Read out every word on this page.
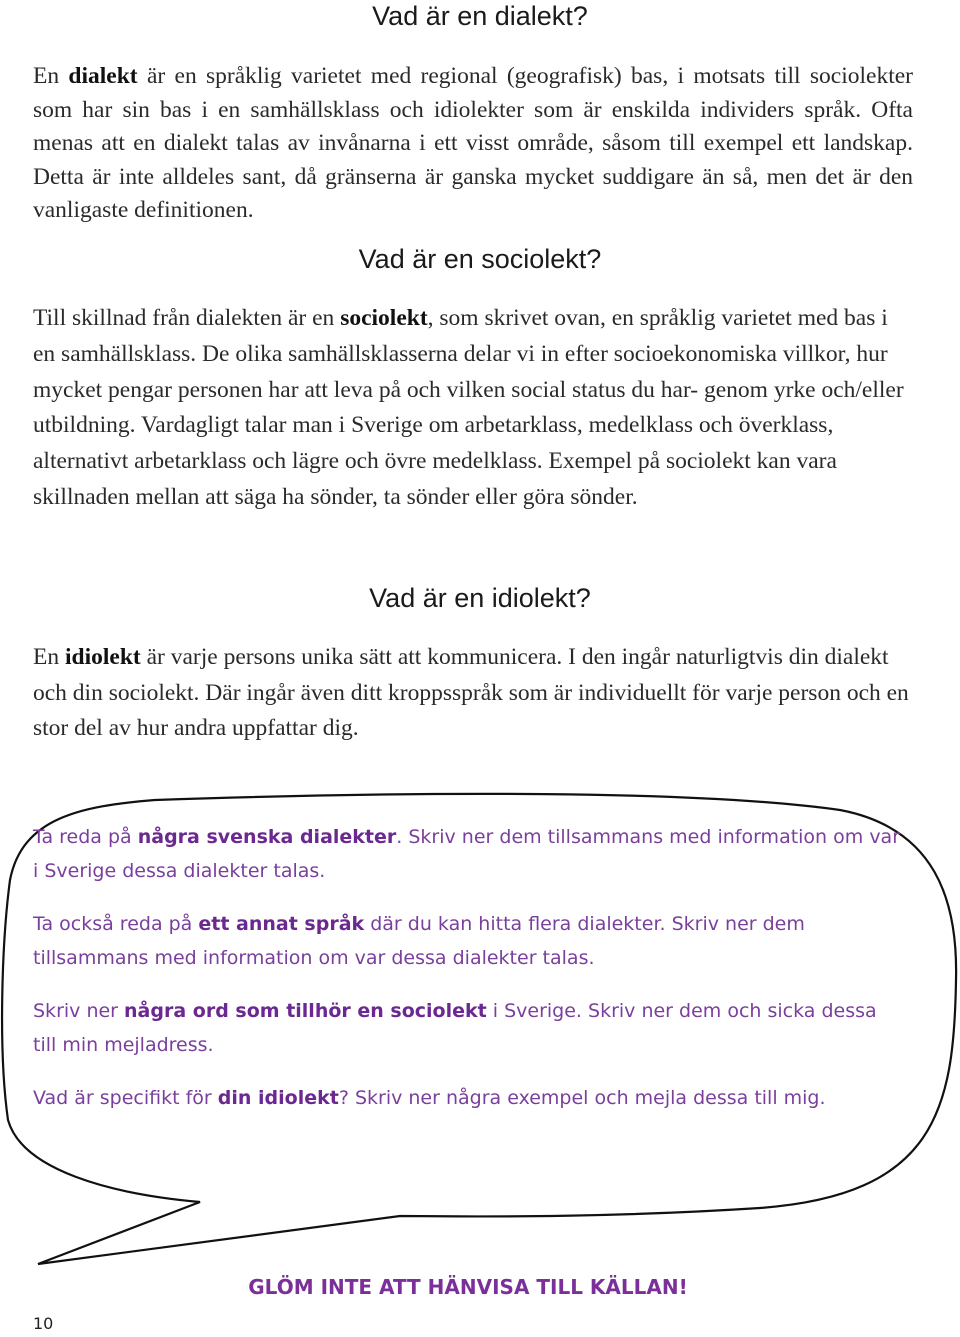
Vad är en dialekt?
En dialekt är en språklig varietet med regional (geografisk) bas, i motsats till sociolekter som har sin bas i en samhällsklass och idiolekter som är enskilda individers språk. Ofta menas att en dialekt talas av invånarna i ett visst område, såsom till exempel ett landskap. Detta är inte alldeles sant, då gränserna är ganska mycket suddigare än så, men det är den vanligaste definitionen.
Vad är en sociolekt?
Till skillnad från dialekten är en sociolekt, som skrivet ovan, en språklig varietet med bas i en samhällsklass. De olika samhällsklasserna delar vi in efter socioekonomiska villkor, hur mycket pengar personen har att leva på och vilken social status du har- genom yrke och/eller utbildning. Vardagligt talar man i Sverige om arbetarklass, medelklass och överklass, alternativt arbetarklass och lägre och övre medelklass. Exempel på sociolekt kan vara skillnaden mellan att säga ha sönder, ta sönder eller göra sönder.
Vad är en idiolekt?
En idiolekt är varje persons unika sätt att kommunicera. I den ingår naturligtvis din dialekt och din sociolekt. Där ingår även ditt kroppsspråk som är individuellt för varje person och en stor del av hur andra uppfattar dig.

Ta reda på några svenska dialekter. Skriv ner dem tillsammans med information om var i Sverige dessa dialekter talas.

Ta också reda på ett annat språk där du kan hitta flera dialekter. Skriv ner dem tillsammans med information om var dessa dialekter talas.

Skriv ner några ord som tillhör en sociolekt i Sverige. Skriv ner dem och sicka dessa till min mejladress.

Vad är specifikt för din idiolekt? Skriv ner några exempel och mejla dessa till mig.

GLÖM INTE ATT HÄNVISA TILL KÄLLAN!
10
